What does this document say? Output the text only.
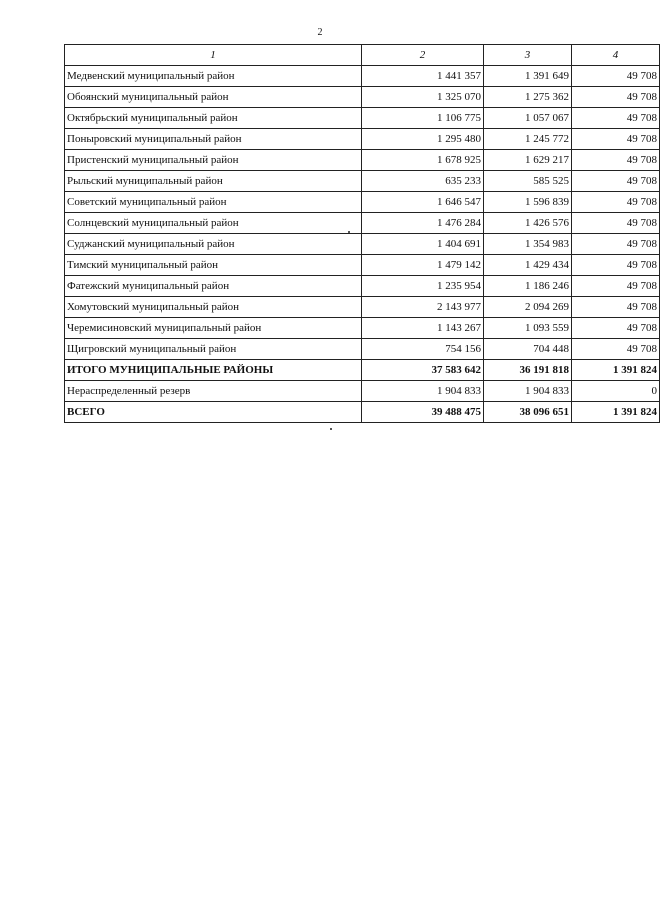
2
1	2	3	4
Медвенский муниципальный район	1 441 357	1 391 649	49 708
Обоянский муниципальный район	1 325 070	1 275 362	49 708
Октябрьский муниципальный район	1 106 775	1 057 067	49 708
Поныровский муниципальный район	1 295 480	1 245 772	49 708
Пристенский муниципальный район	1 678 925	1 629 217	49 708
Рыльский муниципальный район	635 233	585 525	49 708
Советский муниципальный район	1 646 547	1 596 839	49 708
Солнцевский муниципальный район	1 476 284	1 426 576	49 708
Суджанский муниципальный район	1 404 691	1 354 983	49 708
Тимский муниципальный район	1 479 142	1 429 434	49 708
Фатежский муниципальный район	1 235 954	1 186 246	49 708
Хомутовский муниципальный район	2 143 977	2 094 269	49 708
Черемисиновский муниципальный район	1 143 267	1 093 559	49 708
Щигровский муниципальный район	754 156	704 448	49 708
ИТОГО МУНИЦИПАЛЬНЫЕ РАЙОНЫ	37 583 642	36 191 818	1 391 824
Нераспределенный резерв	1 904 833	1 904 833	0
ВСЕГО	39 488 475	38 096 651	1 391 824
